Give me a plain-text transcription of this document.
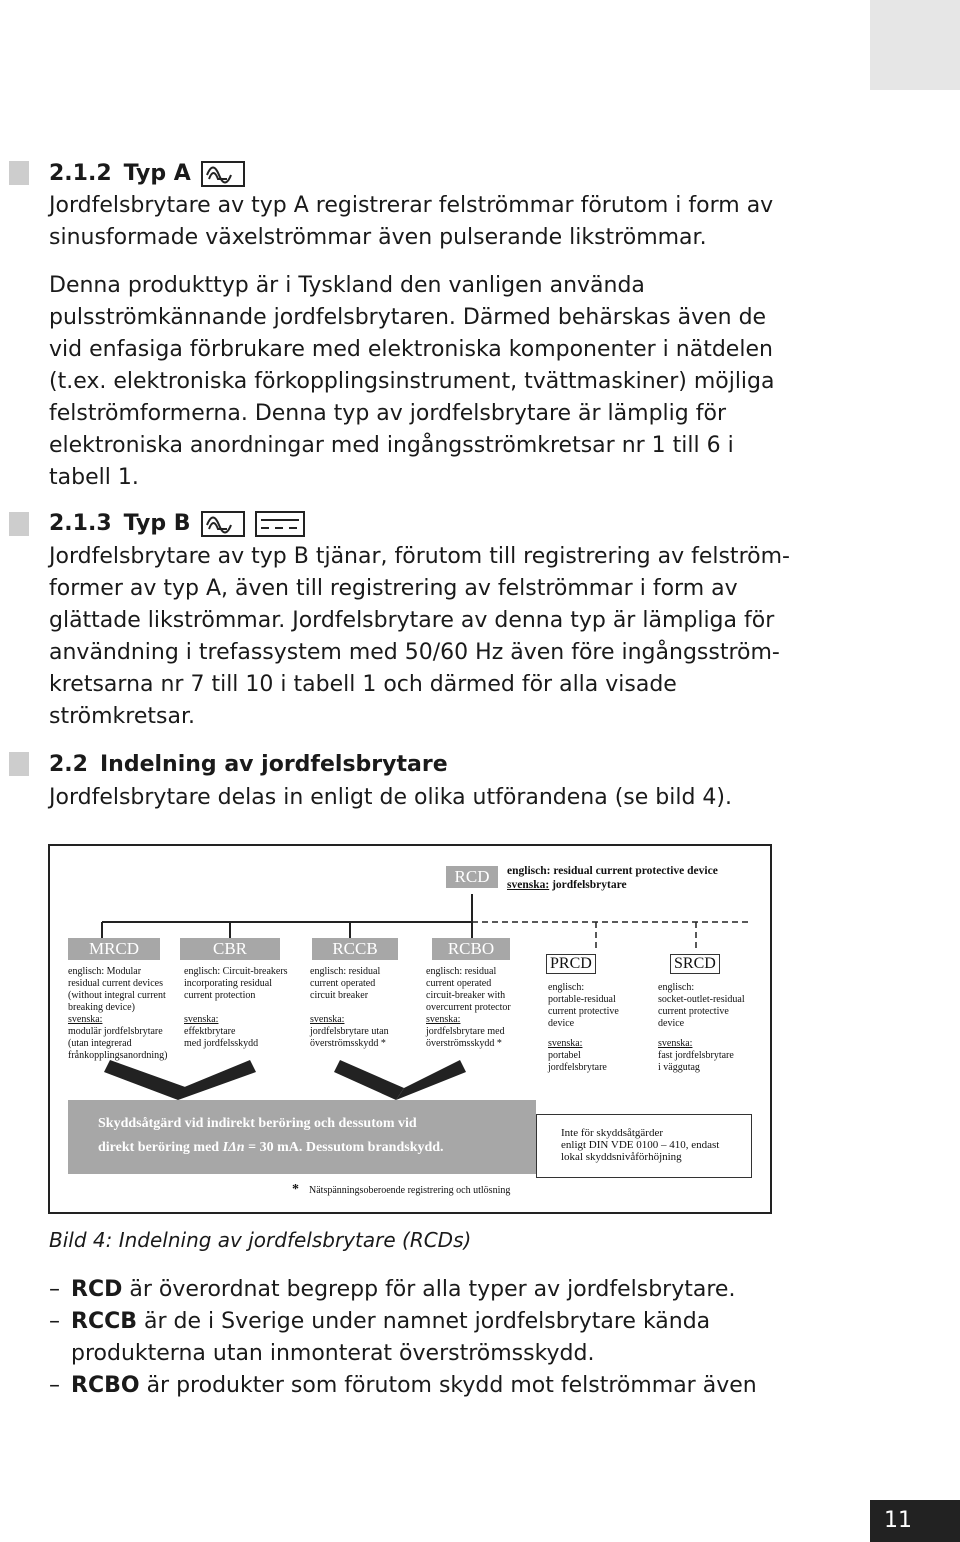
2.1.2 Typ A
Jordfelsbrytare av typ A registrerar felströmmar förutom i form av
sinusformade växelströmmar även pulserande likströmmar.
Denna produkttyp är i Tyskland den vanligen använda
pulsströmkännande jordfelsbrytaren. Därmed behärskas även de
vid enfasiga förbrukare med elektroniska komponenter i nätdelen
(t.ex. elektroniska förkopplingsinstrument, tvättmaskiner) möjliga
felströmformerna. Denna typ av jordfelsbrytare är lämplig för
elektroniska anordningar med ingångsströmkretsar nr 1 till 6 i
tabell 1.
2.1.3 Typ B
Jordfelsbrytare av typ B tjänar, förutom till registrering av felström-
former av typ A, även till registrering av felströmmar i form av
glättade likströmmar. Jordfelsbrytare av denna typ är lämpliga för
användning i trefassystem med 50/60 Hz även före ingångsström-
kretsarna nr 7 till 10 i tabell 1 och därmed för alla visade
strömkretsar.
2.2 Indelning av jordfelsbrytare
Jordfelsbrytare delas in enligt de olika utförandena (se bild 4).
RCD	englisch: residual current protective device
svenska: jordfelsbrytare
MRCD	CBR	RCCB	RCBO
PRCD	SRCD
englisch: Modular
residual current devices
(without integral current
breaking device)
svenska:
modulär jordfelsbrytare
(utan integrerad
frånkopplingsanordning)
englisch: Circuit-breakers
incorporating residual
current protection
svenska:
effektbrytare
med jordfelsskydd
englisch: residual
current operated
circuit breaker
svenska:
jordfelsbrytare utan
överströmsskydd *
englisch: residual
current operated
circuit-breaker with
overcurrent protector
svenska:
jordfelsbrytare med
överströmsskydd *
englisch:
portable-residual
current protective
device
svenska:
portabel
jordfelsbrytare
englisch:
socket-outlet-residual
current protective
device
svenska:
fast jordfelsbrytare
i väggutag
Skyddsåtgärd vid indirekt beröring och dessutom vid
direkt beröring med IΔn = 30 mA. Dessutom brandskydd.
Inte för skyddsåtgärder
enligt DIN VDE 0100 – 410, endast
lokal skyddsnivåförhöjning
* Nätspänningsoberoende registrering och utlösning
Bild 4: Indelning av jordfelsbrytare (RCDs)
– RCD är överordnat begrepp för alla typer av jordfelsbrytare.
– RCCB är de i Sverige under namnet jordfelsbrytare kända
produkterna utan inmonterat överströmsskydd.
– RCBO är produkter som förutom skydd mot felströmmar även
11
